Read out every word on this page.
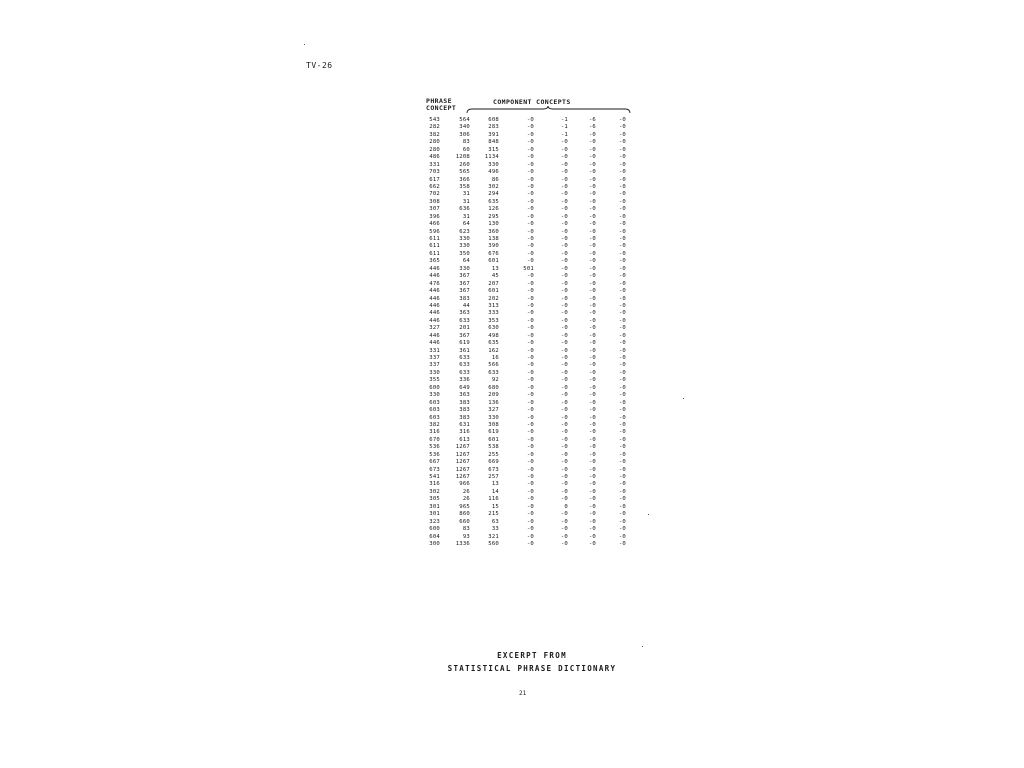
TV-26
PHRASE CONCEPT
COMPONENT CONCEPTS
543	564	608	-0	-1	-6	-0
282	340	283	-0	-1	-6	-0
382	306	391	-0	-1	-0	-0
280	83	848	-0	-0	-0	-0
280	60	315	-0	-0	-0	-0
486	1208	1134	-0	-0	-0	-0
331	260	330	-0	-0	-0	-0
703	565	496	-0	-0	-0	-0
617	366	86	-0	-0	-0	-0
662	358	302	-0	-0	-0	-0
702	31	294	-0	-0	-0	-0
308	31	635	-0	-0	-0	-0
307	636	126	-0	-0	-0	-0
396	31	295	-0	-0	-0	-0
466	64	130	-0	-0	-0	-0
596	623	360	-0	-0	-0	-0
611	330	138	-0	-0	-0	-0
611	330	390	-0	-0	-0	-0
611	350	676	-0	-0	-0	-0
365	64	601	-0	-0	-0	-0
446	330	13	501	-0	-0	-0
446	367	45	-0	-0	-0	-0
476	367	207	-0	-0	-0	-0
446	367	601	-0	-0	-0	-0
446	383	202	-0	-0	-0	-0
446	44	313	-0	-0	-0	-0
446	363	333	-0	-0	-0	-0
446	633	353	-0	-0	-0	-0
327	201	630	-0	-0	-0	-0
446	367	498	-0	-0	-0	-0
446	619	635	-0	-0	-0	-0
331	361	162	-0	-0	-0	-0
337	633	16	-0	-0	-0	-0
337	633	566	-0	-0	-0	-0
330	633	633	-0	-0	-0	-0
355	336	92	-0	-0	-0	-0
600	649	680	-0	-0	-0	-0
330	363	209	-0	-0	-0	-0
603	383	136	-0	-0	-0	-0
603	383	327	-0	-0	-0	-0
603	383	330	-0	-0	-0	-0
382	631	308	-0	-0	-0	-0
316	316	619	-0	-0	-0	-0
670	613	601	-0	-0	-0	-0
536	1267	538	-0	-0	-0	-0
536	1267	255	-0	-0	-0	-0
667	1267	669	-0	-0	-0	-0
673	1267	673	-0	-0	-0	-0
541	1267	257	-0	-0	-0	-0
316	966	13	-0	-0	-0	-0
302	26	14	-0	-0	-0	-0
305	26	116	-0	-0	-0	-0
301	965	15	-0	0	-0	-0
301	860	215	-0	-0	-0	-0
323	660	63	-0	-0	-0	-0
600	83	33	-0	-0	-0	-0
604	93	321	-0	-0	-0	-0
300	1336	560	-0	-0	-0	-0
EXCERPT FROM
STATISTICAL PHRASE DICTIONARY
21
